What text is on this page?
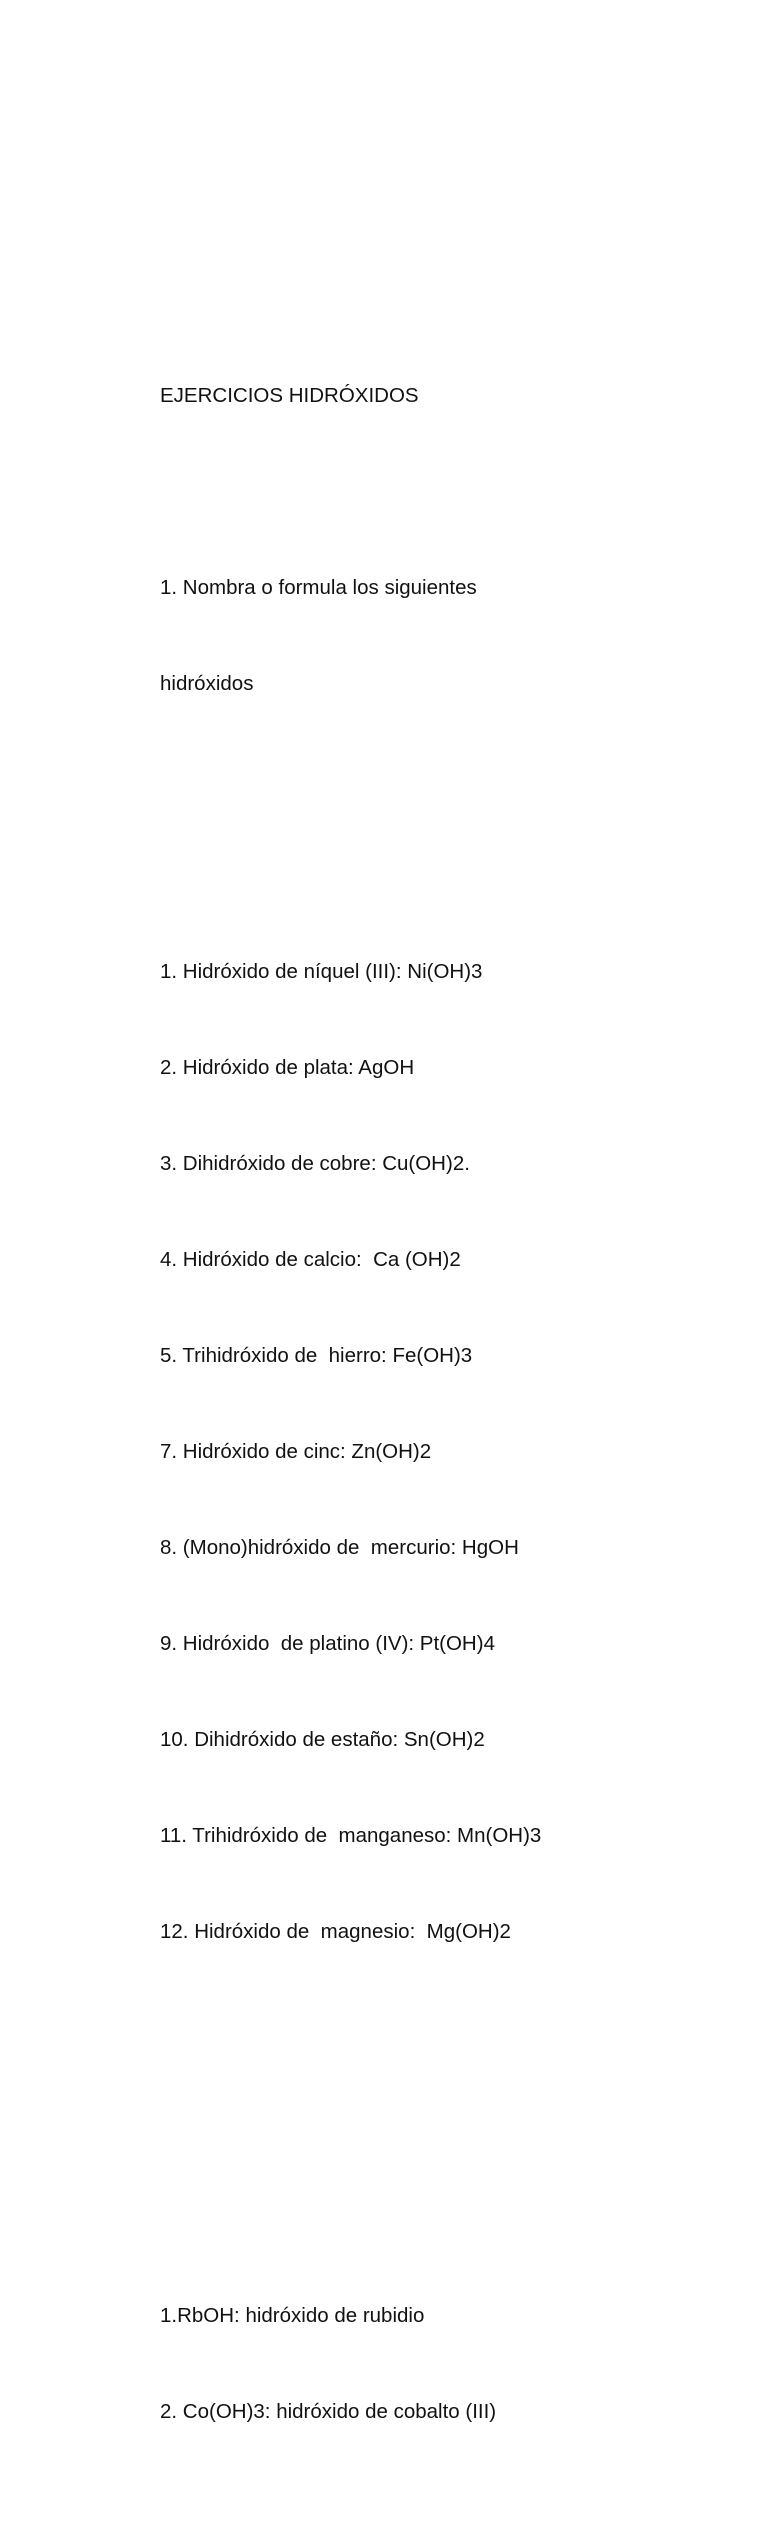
EJERCICIOS HIDRÓXIDOS

1. Nombra o formula los siguientes

hidróxidos

1. Hidróxido de níquel (III): Ni(OH)3

2. Hidróxido de plata: AgOH

3. Dihidróxido de cobre: Cu(OH)2.

4. Hidróxido de calcio:  Ca (OH)2

5. Trihidróxido de  hierro: Fe(OH)3

7. Hidróxido de cinc: Zn(OH)2

8. (Mono)hidróxido de  mercurio: HgOH

9. Hidróxido  de platino (IV): Pt(OH)4

10. Dihidróxido de estaño: Sn(OH)2

11. Trihidróxido de  manganeso: Mn(OH)3

12. Hidróxido de  magnesio:  Mg(OH)2

1.RbOH: hidróxido de rubidio

2. Co(OH)3: hidróxido de cobalto (III)
